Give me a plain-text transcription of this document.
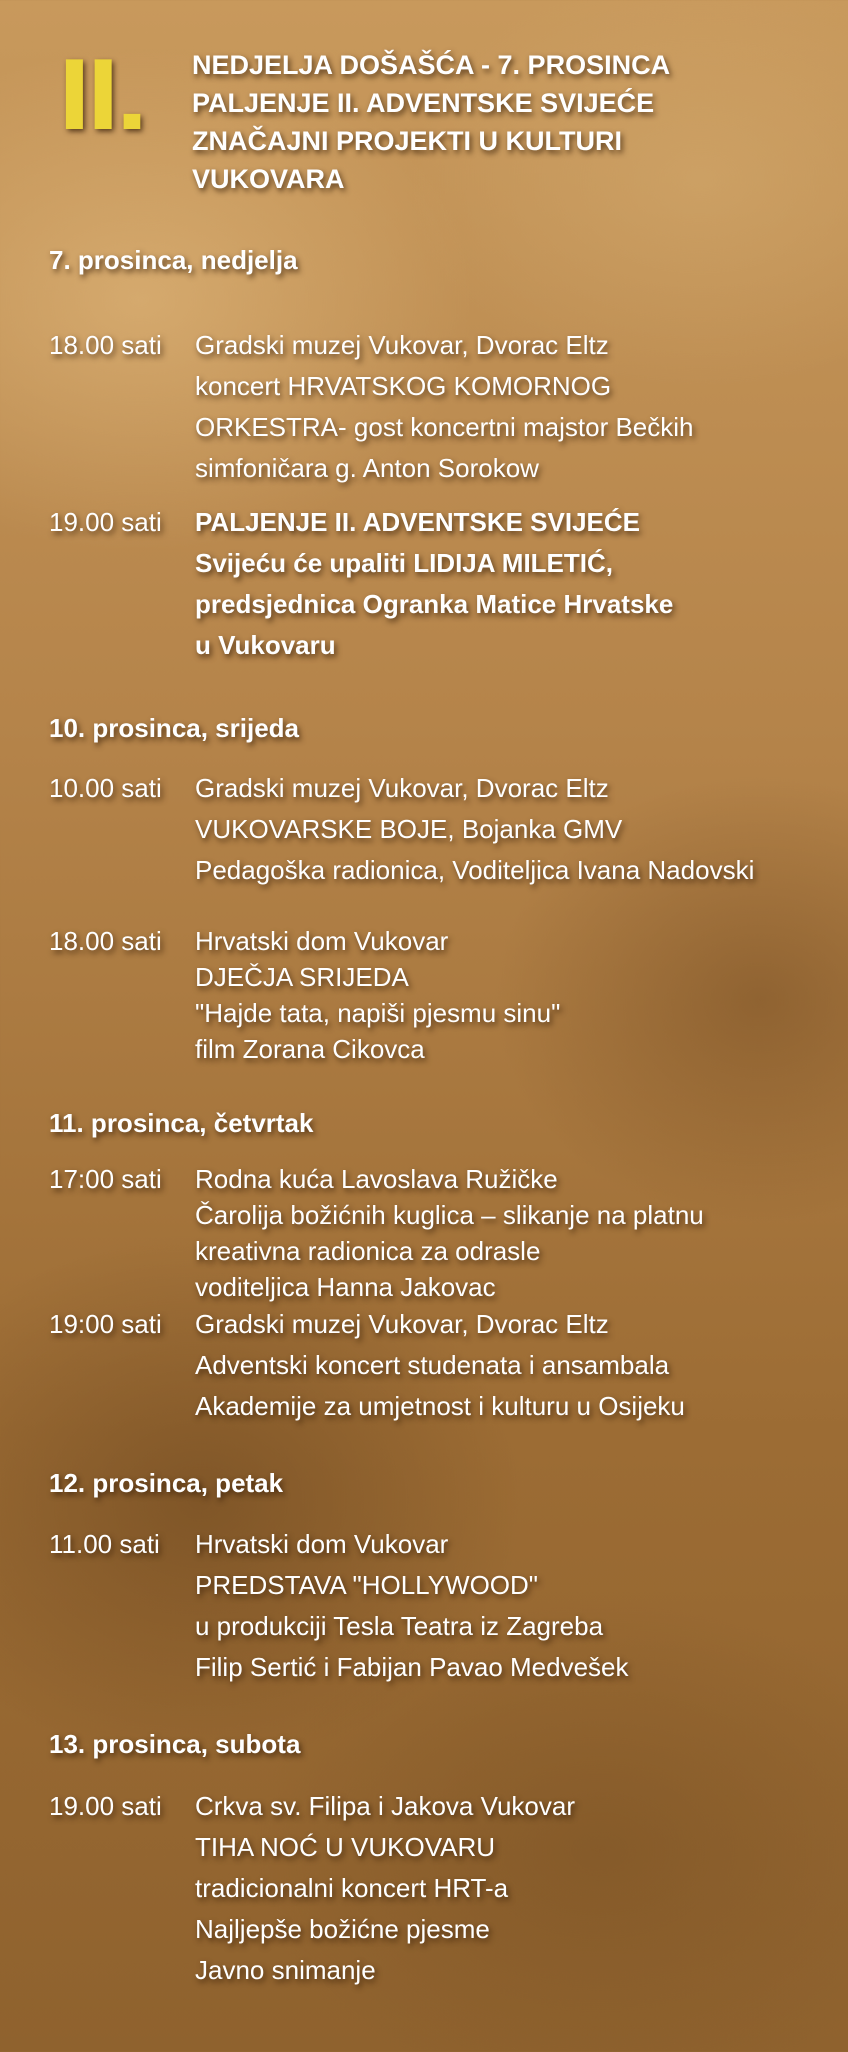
II. NEDJELJA DOŠAŠĆA - 7. PROSINCA
PALJENJE II. ADVENTSKE SVIJEĆE
ZNAČAJNI PROJEKTI U KULTURI
VUKOVARA
7. prosinca, nedjelja
18.00 sati Gradski muzej Vukovar, Dvorac Eltz
koncert HRVATSKOG KOMORNOG
ORKESTRA- gost koncertni majstor Bečkih
simfoničara g. Anton Sorokow
19.00 sati PALJENJE II. ADVENTSKE SVIJEĆE
Svijeću će upaliti LIDIJA MILETIĆ,
predsjednica Ogranka Matice Hrvatske
u Vukovaru
10. prosinca, srijeda
10.00 sati Gradski muzej Vukovar, Dvorac Eltz
VUKOVARSKE BOJE, Bojanka GMV
Pedagoška radionica, Voditeljica Ivana Nadovski
18.00 sati Hrvatski dom Vukovar
DJEČJA SRIJEDA
"Hajde tata, napiši pjesmu sinu"
film Zorana Cikovca
11. prosinca, četvrtak
17:00 sati Rodna kuća Lavoslava Ružičke
Čarolija božićnih kuglica – slikanje na platnu
kreativna radionica za odrasle
voditeljica Hanna Jakovac
19:00 sati Gradski muzej Vukovar, Dvorac Eltz
Adventski koncert studenata i ansambala
Akademije za umjetnost i kulturu u Osijeku
12. prosinca, petak
11.00 sati Hrvatski dom Vukovar
PREDSTAVA "HOLLYWOOD"
u produkciji Tesla Teatra iz Zagreba
Filip Sertić i Fabijan Pavao Medvešek
13. prosinca, subota
19.00 sati Crkva sv. Filipa i Jakova Vukovar
TIHA NOĆ U VUKOVARU
tradicionalni koncert HRT-a
Najljepše božićne pjesme
Javno snimanje
